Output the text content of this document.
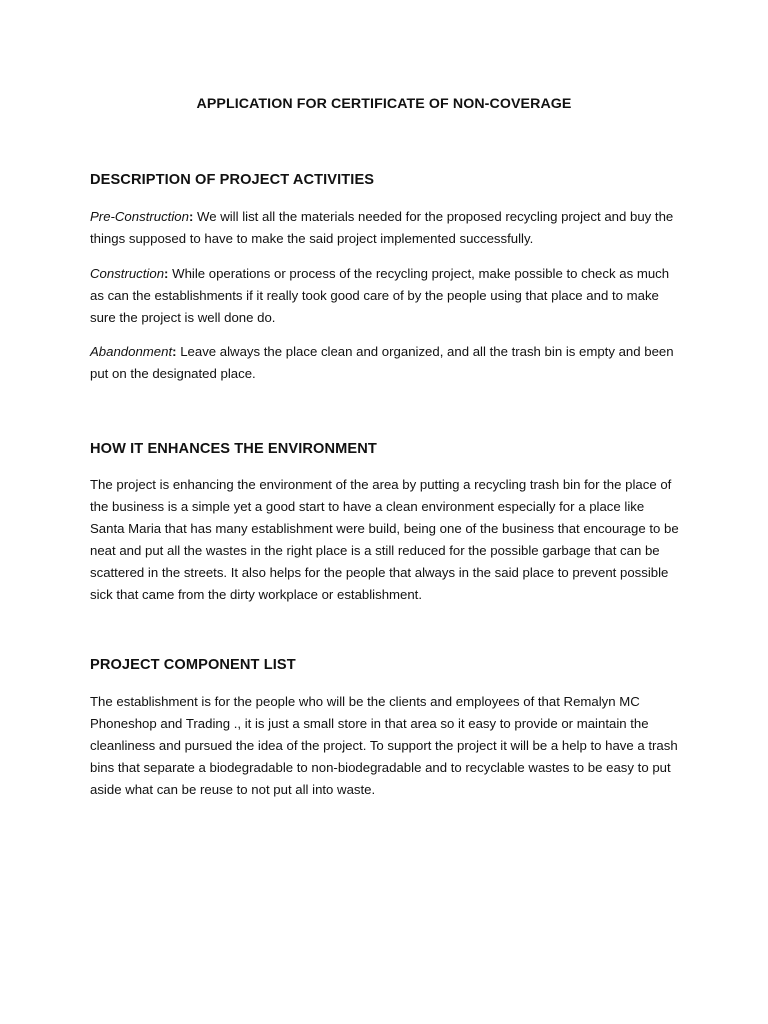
APPLICATION FOR CERTIFICATE OF NON-COVERAGE
DESCRIPTION OF PROJECT ACTIVITIES

Pre-Construction: We will list all the materials needed for the proposed recycling project and buy the things supposed to have to make the said project implemented successfully.

Construction: While operations or process of the recycling project, make possible to check as much as can the establishments if it really took good care of by the people using that place and to make sure the project is well done do.

Abandonment: Leave always the place clean and organized, and all the trash bin is empty and been put on the designated place.

HOW IT ENHANCES THE ENVIRONMENT

The project is enhancing the environment of the area by putting a recycling trash bin for the place of the business is a simple yet a good start to have a clean environment especially for a place like Santa Maria that has many establishment were build, being one of the business that encourage to be neat and put all the wastes in the right place is a still reduced for the possible garbage that can be scattered in the streets. It also helps for the people that always in the said place to prevent possible sick that came from the dirty workplace or establishment.

PROJECT COMPONENT LIST

The establishment is for the people who will be the clients and employees of that Remalyn MC Phoneshop and Trading ., it is just a small store in that area so it easy to provide or maintain the cleanliness and pursued the idea of the project. To support the project it will be a help to have a trash bins that separate a biodegradable to non-biodegradable and to recyclable wastes to be easy to put aside what can be reuse to not put all into waste.
